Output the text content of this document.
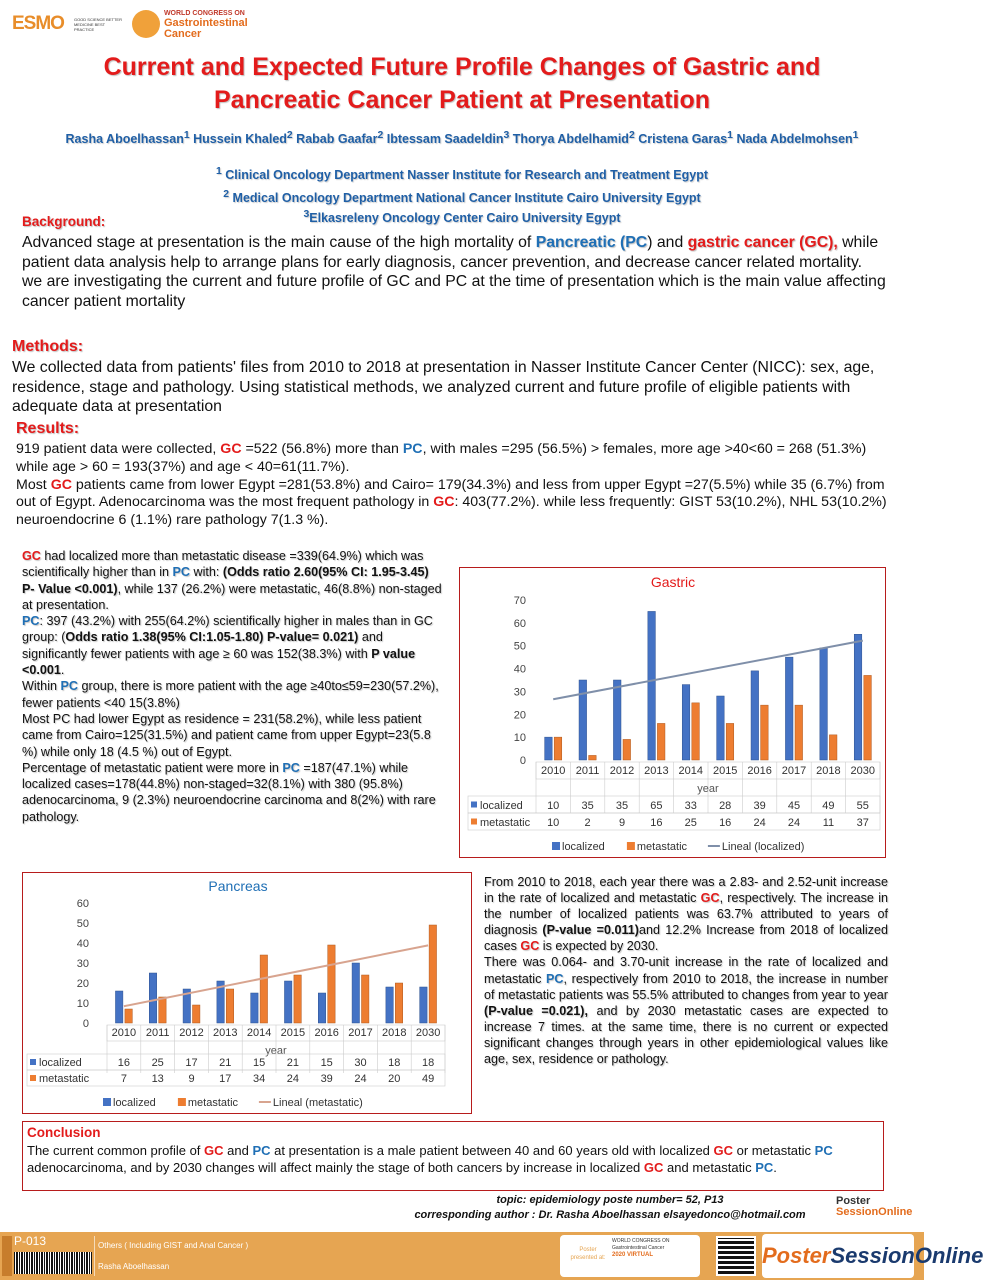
ESMO	GOOD SCIENCE BETTER MEDICINE BEST PRACTICE
WORLD CONGRESS ON
Gastrointestinal
Cancer
Current and Expected Future Profile Changes of Gastric and
Pancreatic Cancer Patient at Presentation
Rasha Aboelhassan$^1$ Hussein Khaled$^2$ Rabab Gaafar$^2$ Ibtessam Saadeldin$^3$ Thorya Abdelhamid$^2$ Cristena Garas$^1$ Nada Abdelmohsen$^1$
$^1$ Clinical Oncology Department Nasser Institute for Research and Treatment Egypt
$^2$ Medical Oncology Department National Cancer Institute Cairo University Egypt
$^3$Elkasreleny Oncology Center Cairo University Egypt
Background:
Advanced stage at presentation is the main cause of the high mortality of Pancreatic (PC) and gastric cancer (GC), while patient data analysis help to arrange plans for early diagnosis, cancer prevention, and decrease cancer related mortality.
we are investigating the current and future profile of GC and PC at the time of presentation which is the main value affecting cancer patient mortality
Methods:
We collected data from patients' files from 2010 to 2018 at presentation in Nasser Institute Cancer Center (NICC): sex, age, residence, stage and pathology. Using statistical methods, we analyzed current and future profile of eligible patients with adequate data at presentation
Results:
919 patient data were collected, GC =522 (56.8%) more than PC, with males =295 (56.5%) > females, more age >40<60 = 268 (51.3%) while age > 60 = 193(37%) and age < 40=61(11.7%).
Most GC patients came from lower Egypt =281(53.8%) and Cairo= 179(34.3%) and less from upper Egypt =27(5.5%) while 35 (6.7%) from out of Egypt. Adenocarcinoma was the most frequent pathology in GC: 403(77.2%). while less frequently: GIST 53(10.2%), NHL 53(10.2%) neuroendocrine 6 (1.1%) rare pathology 7(1.3 %).

GC had localized more than metastatic disease =339(64.9%) which was scientifically higher than in PC with: (Odds ratio 2.60(95% CI: 1.95-3.45) P- Value <0.001), while 137 (26.2%) were metastatic, 46(8.8%) non-staged at presentation.

PC: 397 (43.2%) with 255(64.2%) scientifically higher in males than in GC group: (Odds ratio 1.38(95% CI:1.05-1.80) P-value= 0.021) and significantly fewer patients with age ≥ 60 was 152(38.3%) with P value <0.001.

Within PC group, there is more patient with the age ≥40to≤59=230(57.2%), fewer patients <40 15(3.8%)

Most PC had lower Egypt as residence = 231(58.2%), while less patient came from Cairo=125(31.5%) and patient came from upper Egypt=23(5.8 %) while only 18 (4.5 %) out of Egypt.

Percentage of metastatic patient were more in PC =187(47.1%) while localized cases=178(44.8%) non-staged=32(8.1%) with 380 (95.8%) adenocarcinoma, 9 (2.3%) neuroendocrine carcinoma and 8(2%) with rare pathology.

Gastric
0
10
20
30
40
50
60
70
2010 2011 2012 2013 2014 2015 2016 2017 2018 2030
year
localized 10 35 35 65 33 28 39 45 49 55
metastatic 10 2	9 16 25 16 24 24 11 37
localized	metastatic	Lineal (localized)
Pancreas
0
10
20
30
40
50
60
2010 2011 2012 2013 2014 2015 2016 2017 2018 2030
year
localized	16 25 17 21 15 21 15 30 18 18
metastatic	7 13 9 17 34 24 39 24 20 49
localized	metastatic	Lineal (metastatic)
From 2010 to 2018, each year there was a 2.83- and 2.52-unit increase in the rate of localized and metastatic GC, respectively. The increase in the number of localized patients was 63.7% attributed to years of diagnosis (P-value =0.011)and 12.2% Increase from 2018 of localized cases GC is expected by 2030.
There was 0.064- and 3.70-unit increase in the rate of localized and metastatic PC, respectively from 2010 to 2018, the increase in number of metastatic patients was 55.5% attributed to changes from year to year (P-value =0.021), and by 2030 metastatic cases are expected to increase 7 times. at the same time, there is no current or expected significant changes through years in other epidemiological values like age, sex, residence or pathology.
Conclusion
The current common profile of GC and PC at presentation is a male patient between 40 and 60 years old with localized GC or metastatic PC adenocarcinoma, and by 2030 changes will affect mainly the stage of both cancers by increase in localized GC and metastatic PC.
topic: epidemiology poste number= 52, P13
corresponding author : Dr. Rasha Aboelhassan elsayedonco@hotmail.com
Poster
SessionOnline
P-013	Others ( Including GIST and Anal Cancer )
Rasha Aboelhassan
Poster presented at:
WORLD CONGRESS ON Gastrointestinal Cancer
2020 VIRTUAL	PosterSessionOnline
